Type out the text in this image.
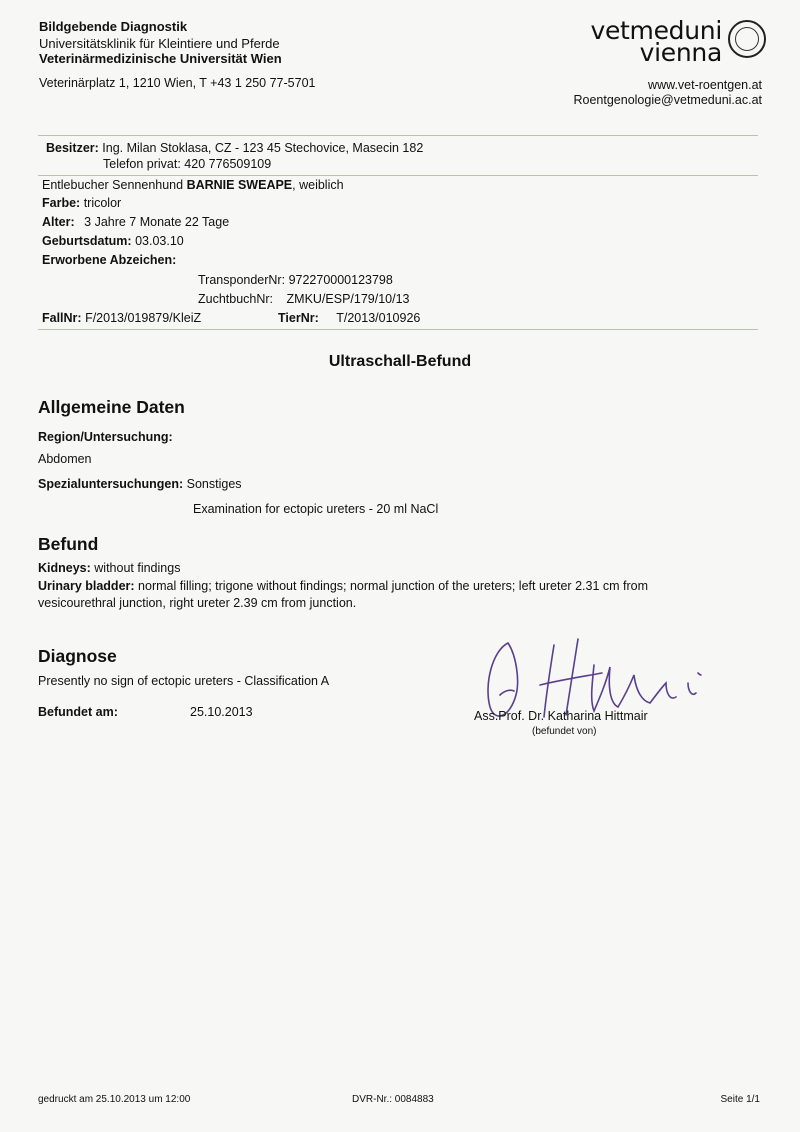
Bildgebende Diagnostik
Universitätsklinik für Kleintiere und Pferde
Veterinärmedizinische Universität Wien
Veterinärplatz 1, 1210 Wien, T +43 1 250 77-5701
vetmeduni
vienna
www.vet-roentgen.at
Roentgenologie@vetmeduni.ac.at
Besitzer: Ing. Milan Stoklasa, CZ - 123 45 Stechovice, Masecin 182
Telefon privat: 420 776509109
Entlebucher Sennenhund BARNIE SWEAPE, weiblich
Farbe: tricolor
Alter: 3 Jahre 7 Monate 22 Tage
Geburtsdatum: 03.03.10
Erworbene Abzeichen:
TransponderNr: 972270000123798
ZuchtbuchNr: ZMKU/ESP/179/10/13
FallNr: F/2013/019879/KleiZ	TierNr: T/2013/010926
Ultraschall-Befund
Allgemeine Daten
Region/Untersuchung:
Abdomen
Spezialuntersuchungen: Sonstiges
Examination for ectopic ureters - 20 ml NaCl
Befund
Kidneys: without findings
Urinary bladder: normal filling; trigone without findings; normal junction of the ureters; left ureter 2.31 cm from
vesicourethral junction, right ureter 2.39 cm from junction.
Diagnose
Presently no sign of ectopic ureters - Classification A
Befundet am:	25.10.2013	Ass.Prof. Dr. Katharina Hittmair
(befundet von)
gedruckt am 25.10.2013 um 12:00	DVR-Nr.: 0084883	Seite 1/1
